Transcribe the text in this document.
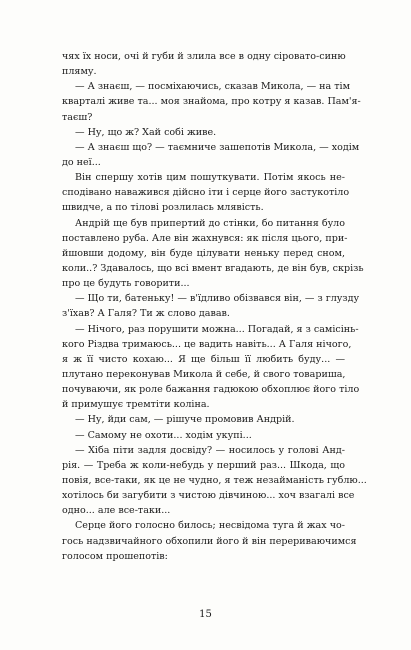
чях їх носи, очі й губи й злила все в одну сіровато-синю
пляму.
— А знаєш, — посміхаючись, сказав Микола, — на тім
кварталі живе та... моя знайома, про котру я казав. Пам'я-
таєш?
— Ну, що ж? Хай собі живе.
— А знаєш що? — таємниче зашепотів Микола, — ходім
до неї...
Він спершу хотів цим пошуткувати. Потім якось не-
сподівано наважився дійсно іти і серце його застукотіло
швидче, а по тілові розлилась млявість.
Андрій ще був припертий до стінки, бо питання було
поставлено руба. Але він жахнувся: як після цього, при-
йшовши додому, він буде цілувати неньку перед сном,
коли..? Здавалось, що всі вмент вгадають, де він був, скрізь
про це будуть говорити...
— Що ти, батеньку! — в'їдливо обізвався він, — з глузду
з'їхав? А Галя? Ти ж слово давав.
— Нічого, раз порушити можна... Погадай, я з самісінь-
кого Різдва тримаюсь... це вадить навіть... А Галя нічого,
я ж її чисто кохаю... Я ще більш її любить буду... —
плутано переконував Микола й себе, й свого товариша,
почуваючи, як роле бажання гадюкою обхоплює його тіло
й примушує тремтіти коліна.
— Ну, йди сам, — рішуче промовив Андрій.
— Самому не охоти... ходім укупі...
— Хіба піти задля досвіду? — носилось у голові Анд-
рія. — Треба ж коли-небудь у перший раз... Шкода, що
повія, все-таки, як це не чудно, я теж незайманість гублю...
хотілось би загубити з чистою дівчиною... хоч взагалі все
одно... але все-таки...
Серце його голосно билось; несвідома туга й жах чо-
гось надзвичайного обхопили його й він перериваючимся
голосом прошепотів:
15
